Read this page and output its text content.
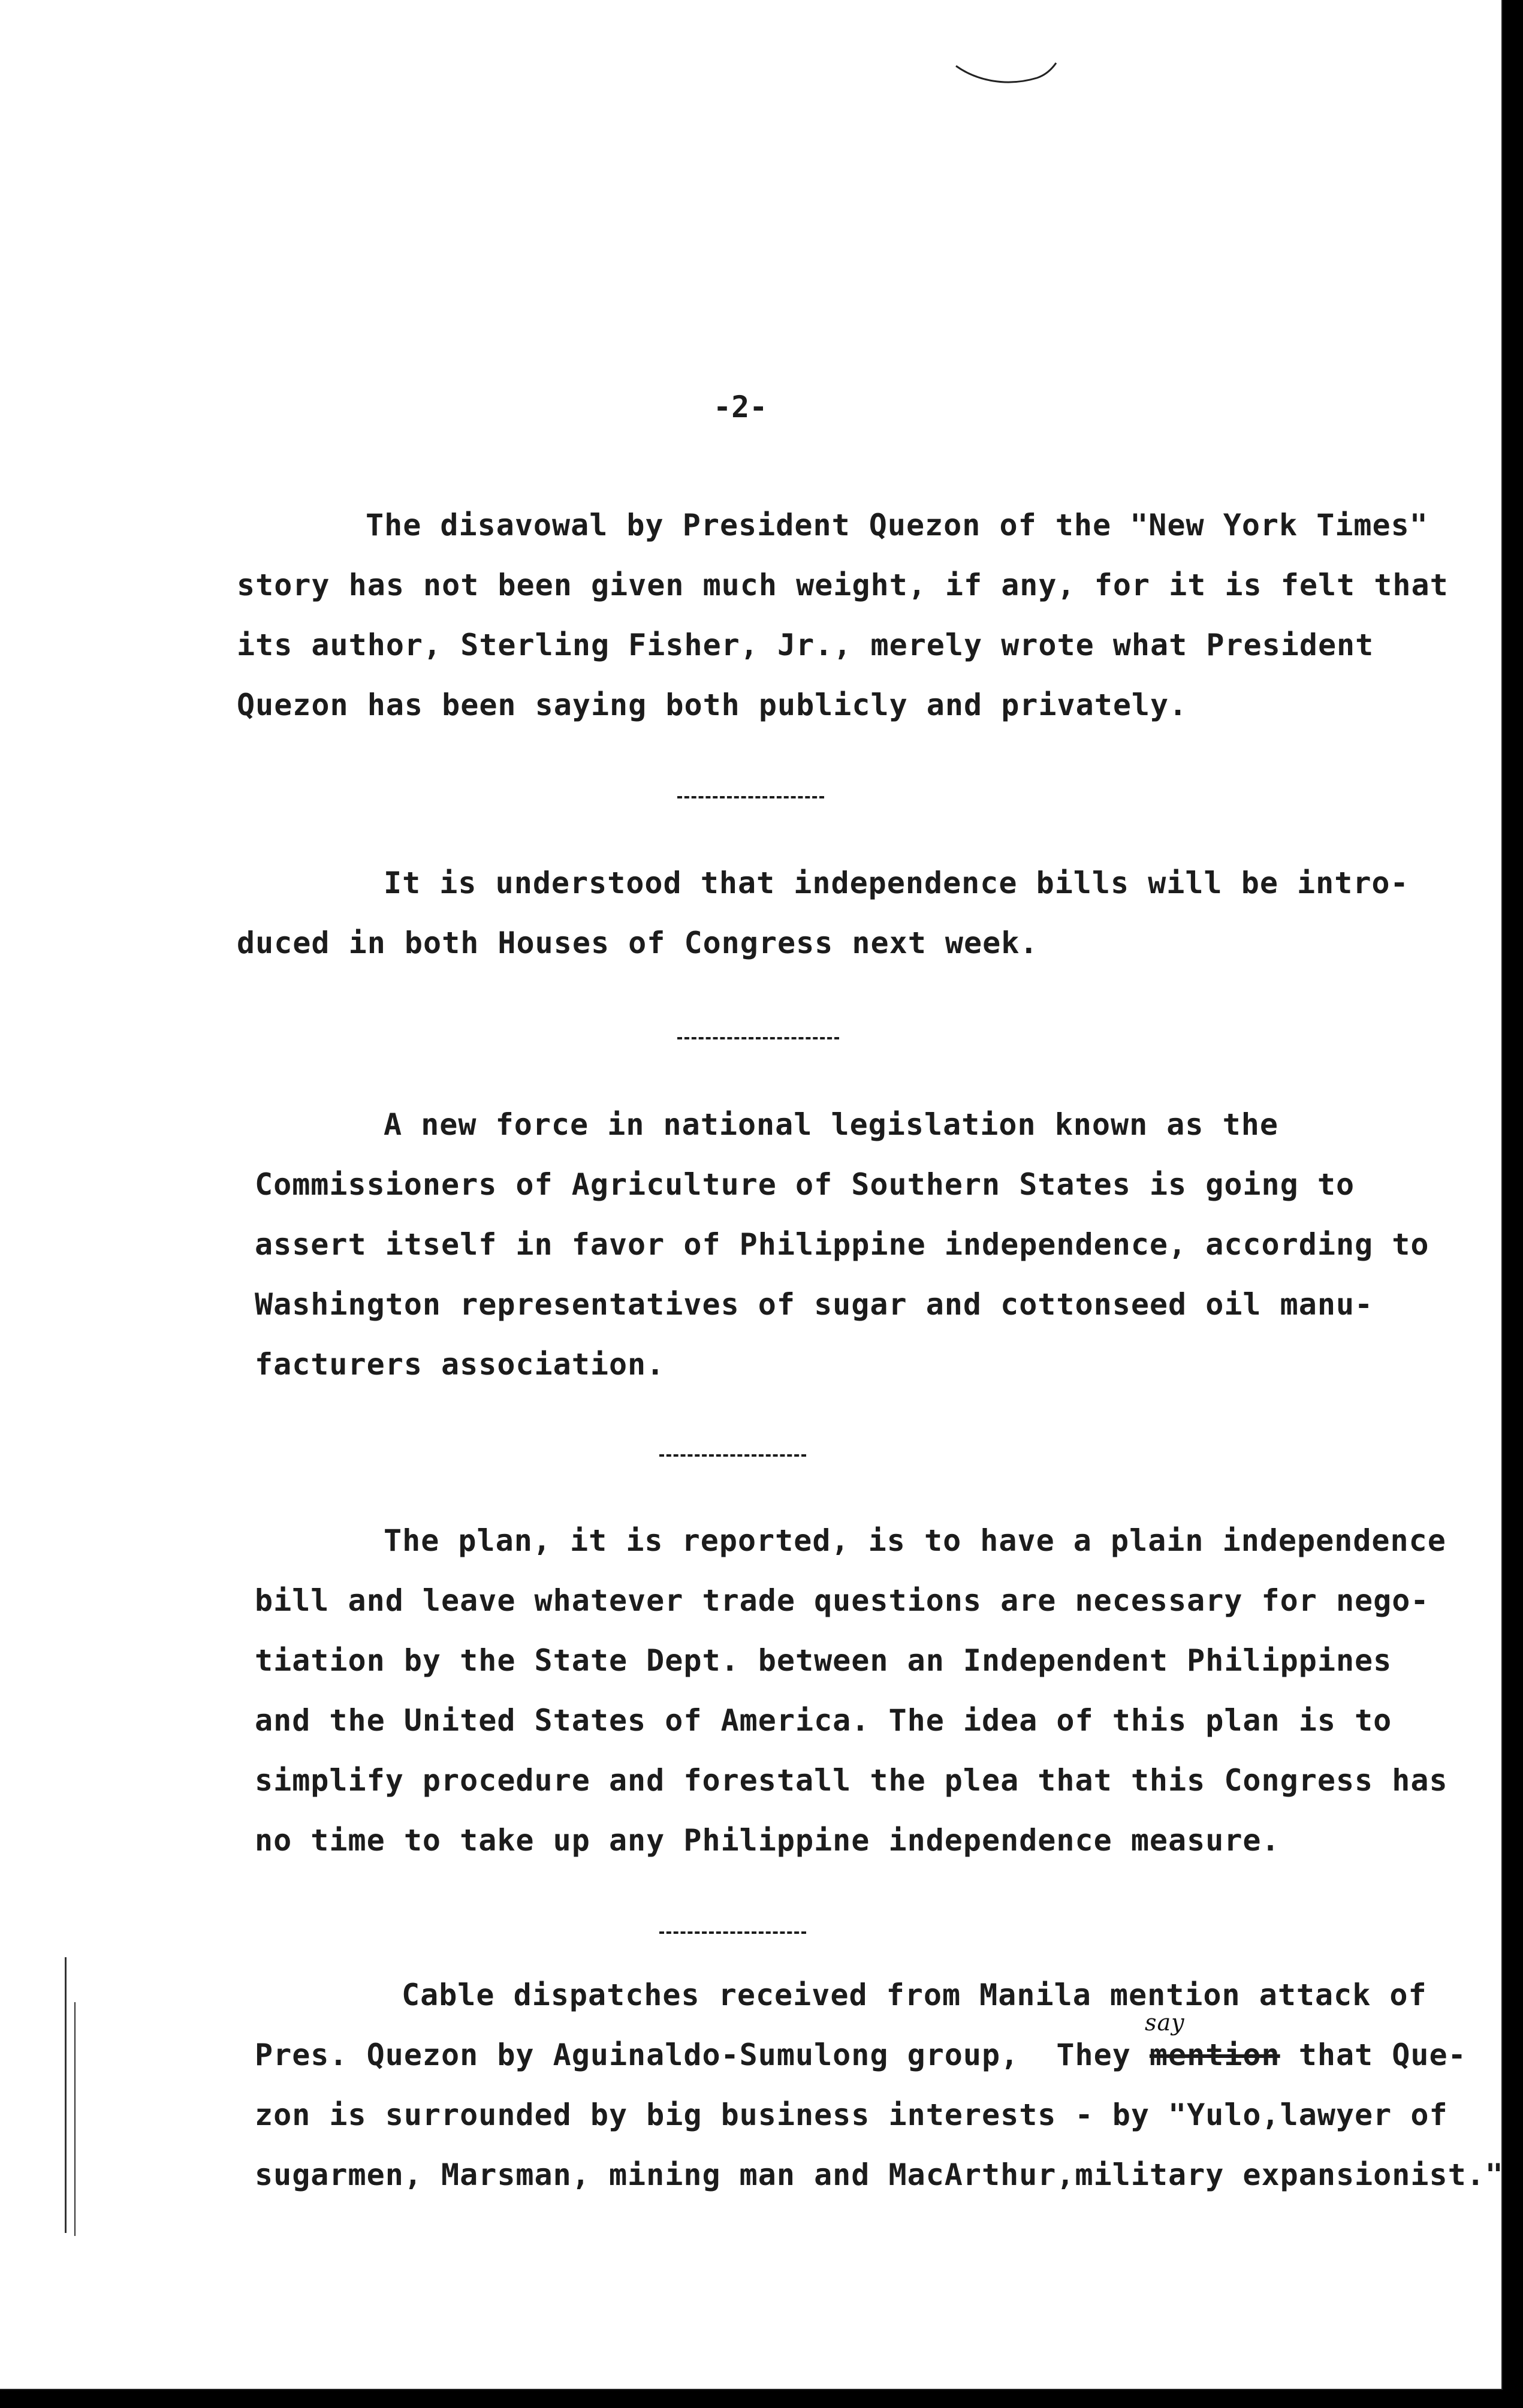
-2-
The disavowal by President Quezon of the "New York Times"
story has not been given much weight, if any, for it is felt that
its author, Sterling Fisher, Jr., merely wrote what President
Quezon has been saying both publicly and privately.
It is understood that independence bills will be intro-
duced in both Houses of Congress next week.
A new force in national legislation known as the
Commissioners of Agriculture of Southern States is going to
assert itself in favor of Philippine independence, according to
Washington representatives of sugar and cottonseed oil manu-
facturers association.
The plan, it is reported, is to have a plain independence
bill and leave whatever trade questions are necessary for nego-
tiation by the State Dept. between an Independent Philippines
and the United States of America. The idea of this plan is to
simplify procedure and forestall the plea that this Congress has
no time to take up any Philippine independence measure.
Cable dispatches received from Manila mention attack of
Pres. Quezon by Aguinaldo-Sumulong group,  They mention that Que-
say
zon is surrounded by big business interests - by "Yulo,lawyer of
sugarmen, Marsman, mining man and MacArthur,military expansionist."
